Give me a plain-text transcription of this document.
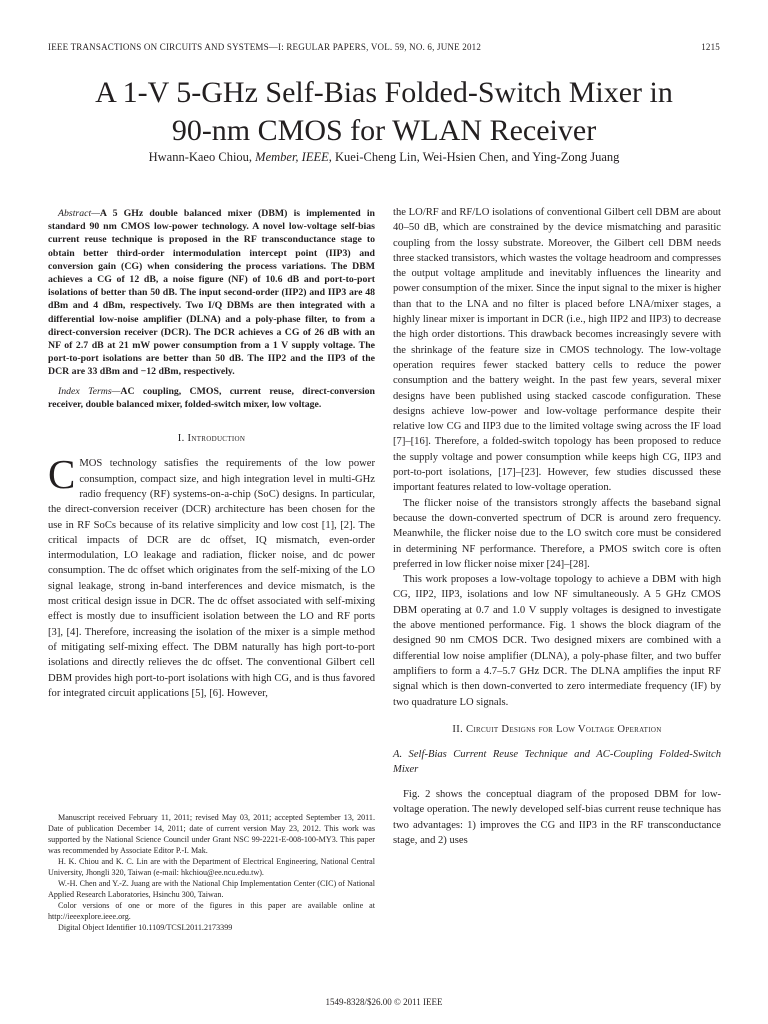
IEEE TRANSACTIONS ON CIRCUITS AND SYSTEMS—I: REGULAR PAPERS, VOL. 59, NO. 6, JUNE 2012	1215
A 1-V 5-GHz Self-Bias Folded-Switch Mixer in
90-nm CMOS for WLAN Receiver
Hwann-Kaeo Chiou, Member, IEEE, Kuei-Cheng Lin, Wei-Hsien Chen, and Ying-Zong Juang
Abstract—A 5 GHz double balanced mixer (DBM) is implemented in standard 90 nm CMOS low-power technology. A novel low-voltage self-bias current reuse technique is proposed in the RF transconductance stage to obtain better third-order intermodulation intercept point (IIP3) and conversion gain (CG) when considering the process variations. The DBM achieves a CG of 12 dB, a noise figure (NF) of 10.6 dB and port-to-port isolations of better than 50 dB. The input second-order (IIP2) and IIP3 are 48 dBm and 4 dBm, respectively. Two I/Q DBMs are then integrated with a differential low-noise amplifier (DLNA) and a poly-phase filter, to from a direct-conversion receiver (DCR). The DCR achieves a CG of 26 dB with an NF of 2.7 dB at 21 mW power consumption from a 1 V supply voltage. The port-to-port isolations are better than 50 dB. The IIP2 and the IIP3 of the DCR are 33 dBm and −12 dBm, respectively.
Index Terms—AC coupling, CMOS, current reuse, direct-conversion receiver, double balanced mixer, folded-switch mixer, low voltage.
I. Introduction

CMOS technology satisfies the requirements of the low power consumption, compact size, and high integration level in multi-GHz radio frequency (RF) systems-on-a-chip (SoC) designs. In particular, the direct-conversion receiver (DCR) architecture has been chosen for the use in RF SoCs because of its relative simplicity and low cost [1], [2]. The critical impacts of DCR are dc offset, IQ mismatch, even-order intermodulation, LO leakage and radiation, flicker noise, and dc power consumption. The dc offset which originates from the self-mixing of the LO signal leakage, strong in-band interferences and device mismatch, is the most critical design issue in DCR. The dc offset associated with self-mixing effect is mostly due to insufficient isolation between the LO and RF ports [3], [4]. Therefore, increasing the isolation of the mixer is a simple method of mitigating self-mixing effect. The DBM naturally has high port-to-port isolations and directly relieves the dc offset. The conventional Gilbert cell DBM provides high port-to-port isolations with high CG, and is thus favored for integrated circuit applications [5], [6]. However,

Manuscript received February 11, 2011; revised May 03, 2011; accepted September 13, 2011. Date of publication December 14, 2011; date of current version May 23, 2012. This work was supported by the National Science Council under Grant NSC 99-2221-E-008-100-MY3. This paper was recommended by Associate Editor P.-I. Mak.

H. K. Chiou and K. C. Lin are with the Department of Electrical Engineering, National Central University, Jhongli 320, Taiwan (e-mail: hkchiou@ee.ncu.edu.tw).

W.-H. Chen and Y.-Z. Juang are with the National Chip Implementation Center (CIC) of National Applied Research Laboratories, Hsinchu 300, Taiwan.

Color versions of one or more of the figures in this paper are available online at http://ieeexplore.ieee.org.

Digital Object Identifier 10.1109/TCSI.2011.2173399

the LO/RF and RF/LO isolations of conventional Gilbert cell DBM are about 40–50 dB, which are constrained by the device mismatching and parasitic coupling from the lossy substrate. Moreover, the Gilbert cell DBM needs three stacked transistors, which wastes the voltage headroom and compresses the output voltage amplitude and inevitably influences the linearity and power consumption of the mixer. Since the input signal to the mixer is higher than that to the LNA and no filter is placed before LNA/mixer stages, a highly linear mixer is important in DCR (i.e., high IIP2 and IIP3) to decrease the high order distortions. This drawback becomes increasingly severe with the shrinkage of the feature size in CMOS technology. The low-voltage operation requires fewer stacked battery cells to reduce the power consumption and the battery weight. In the past few years, several mixer designs have been published using stacked cascode configuration. These designs achieve low-power and low-voltage performance despite their relative low CG and IIP3 due to the limited voltage swing across the IF load [7]–[16]. Therefore, a folded-switch topology has been proposed to reduce the supply voltage and power consumption while keeps high CG, IIP3 and port-to-port isolations, [17]–[23]. However, few studies discussed these important features related to low-voltage operation.

The flicker noise of the transistors strongly affects the baseband signal because the down-converted spectrum of DCR is around zero frequency. Meanwhile, the flicker noise due to the LO switch core must be considered in determining NF performance. Therefore, a PMOS switch core is often preferred in low flicker noise mixer [24]–[28].

This work proposes a low-voltage topology to achieve a DBM with high CG, IIP2, IIP3, isolations and low NF simultaneously. A 5 GHz CMOS DBM operating at 0.7 and 1.0 V supply voltages is designed to investigate the above mentioned performance. Fig. 1 shows the block diagram of the designed 90 nm CMOS DCR. Two designed mixers are combined with a differential low noise amplifier (DLNA), a poly-phase filter, and two buffer amplifiers to form a 4.7–5.7 GHz DCR. The DLNA amplifies the input RF signal which is then down-converted to zero intermediate frequency (IF) by two quadrature LO signals.

II. Circuit Designs for Low Voltage Operation
A. Self-Bias Current Reuse Technique and AC-Coupling Folded-Switch Mixer

Fig. 2 shows the conceptual diagram of the proposed DBM for low-voltage operation. The newly developed self-bias current reuse technique has two advantages: 1) improves the CG and IIP3 in the RF transconductance stage, and 2) uses

1549-8328/$26.00 © 2011 IEEE
